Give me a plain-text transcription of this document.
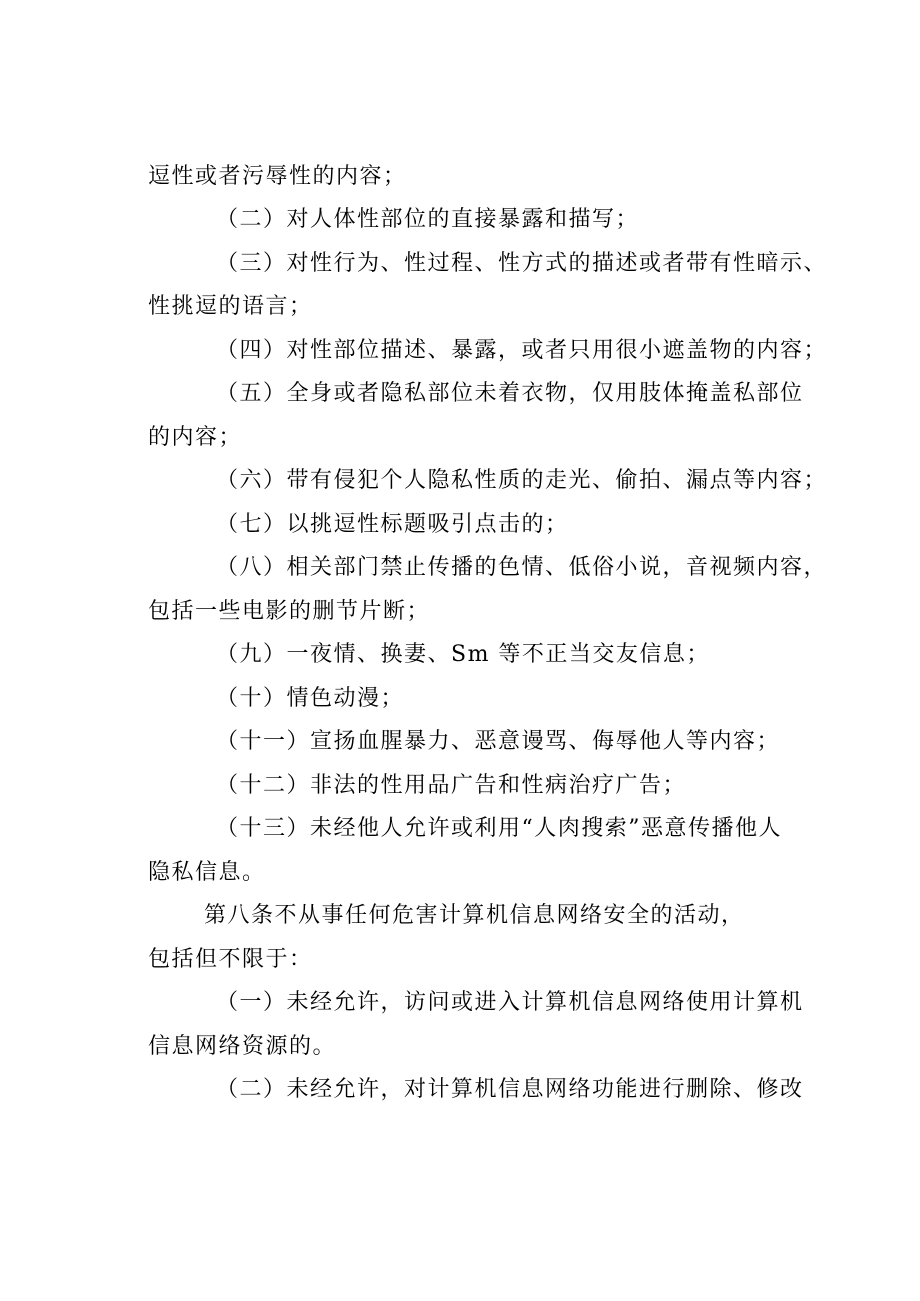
逗性或者污辱性的内容；
（二）对人体性部位的直接暴露和描写；
（三）对性行为、性过程、性方式的描述或者带有性暗示、
性挑逗的语言；
（四）对性部位描述、暴露，或者只用很小遮盖物的内容；
（五）全身或者隐私部位未着衣物，仅用肢体掩盖私部位
的内容；
（六）带有侵犯个人隐私性质的走光、偷拍、漏点等内容；
（七）以挑逗性标题吸引点击的；
（八）相关部门禁止传播的色情、低俗小说，音视频内容，
包括一些电影的删节片断；
（九）一夜情、换妻、Sm 等不正当交友信息；
（十）情色动漫；
（十一）宣扬血腥暴力、恶意谩骂、侮辱他人等内容；
（十二）非法的性用品广告和性病治疗广告；
（十三）未经他人允许或利用“人肉搜索”恶意传播他人
隐私信息。
第八条不从事任何危害计算机信息网络安全的活动，
包括但不限于：
（一）未经允许，访问或进入计算机信息网络使用计算机
信息网络资源的。
（二）未经允许，对计算机信息网络功能进行删除、修改
